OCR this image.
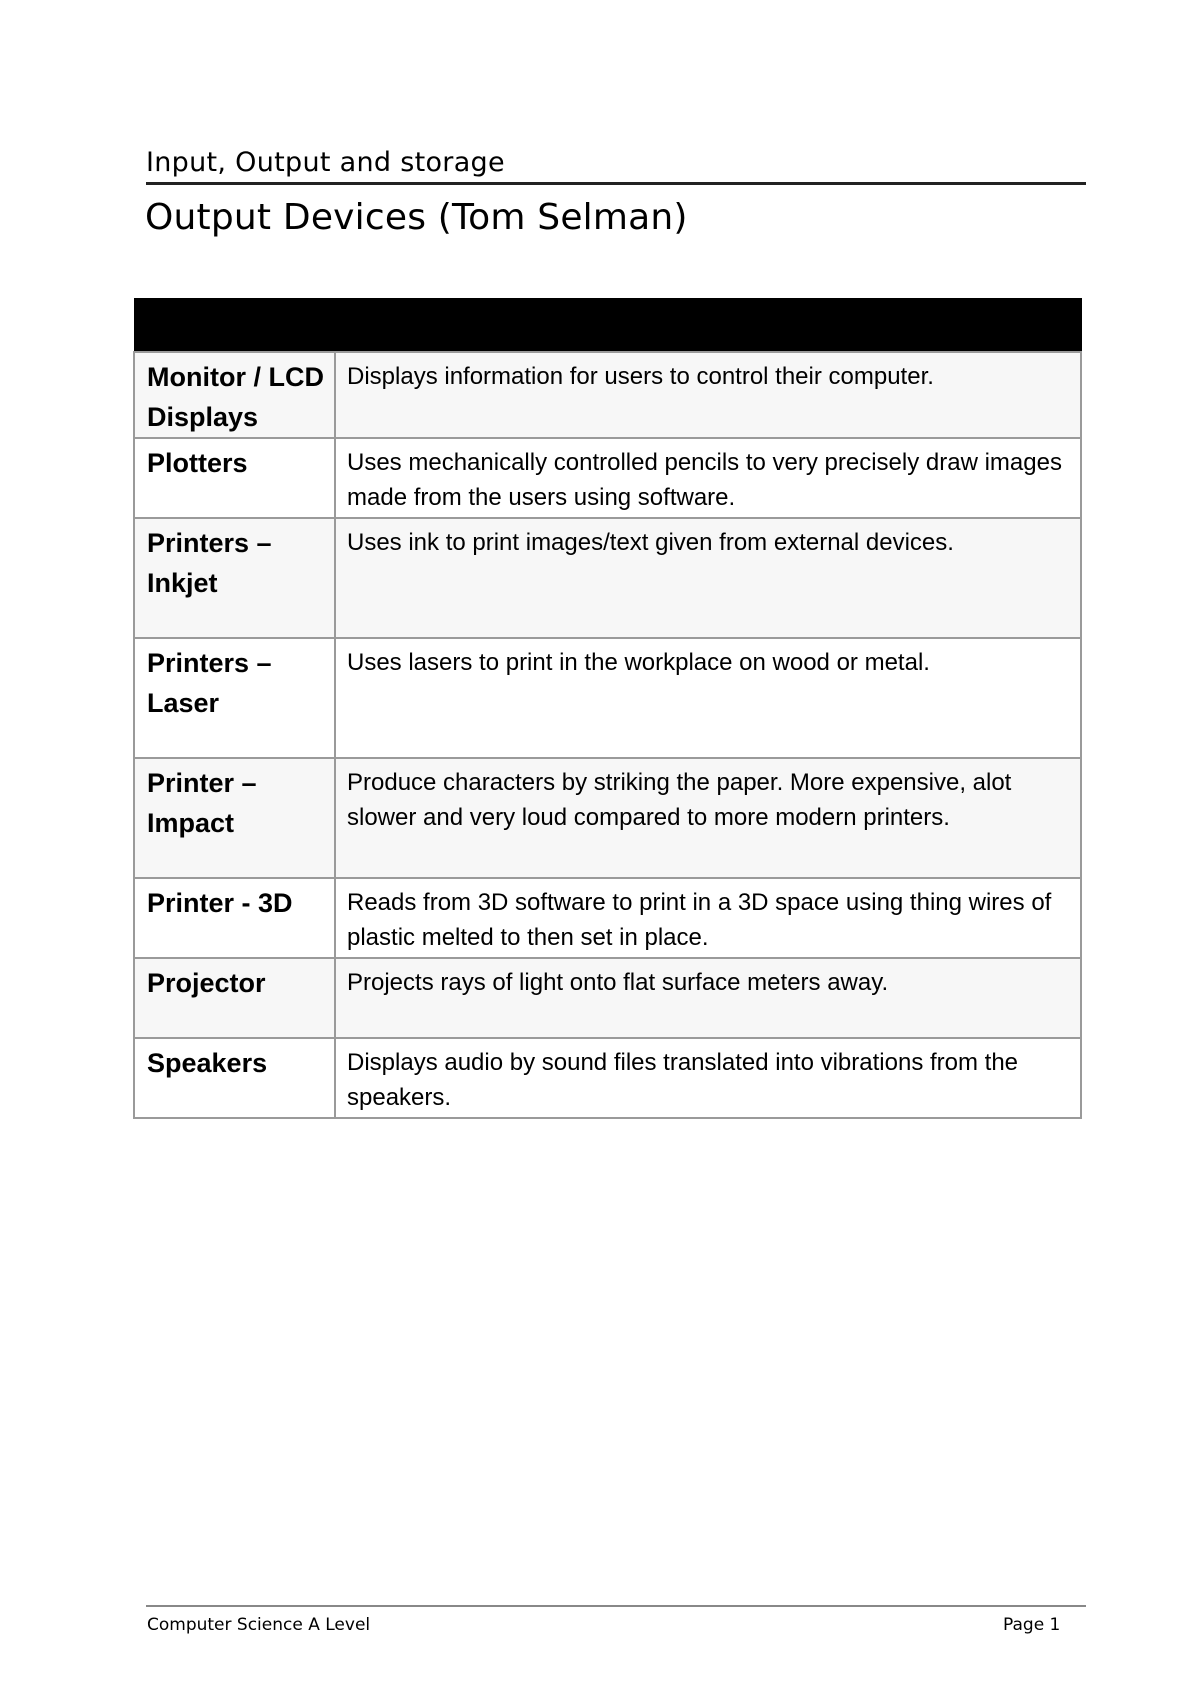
Input, Output and storage
Output Devices (Tom Selman)

Monitor / LCD Displays	Displays information for users to control their computer.
Plotters	Uses mechanically controlled pencils to very precisely draw images made from the users using software.
Printers – Inkjet	Uses ink to print images/text given from external devices.
Printers – Laser	Uses lasers to print in the workplace on wood or metal.
Printer – Impact	Produce characters by striking the paper. More expensive, alot slower and very loud compared to more modern printers.
Printer - 3D	Reads from 3D software to print in a 3D space using thing wires of plastic melted to then set in place.
Projector	Projects rays of light onto flat surface meters away.
Speakers	Displays audio by sound files translated into vibrations from the speakers.
Computer Science A Level	Page 1
